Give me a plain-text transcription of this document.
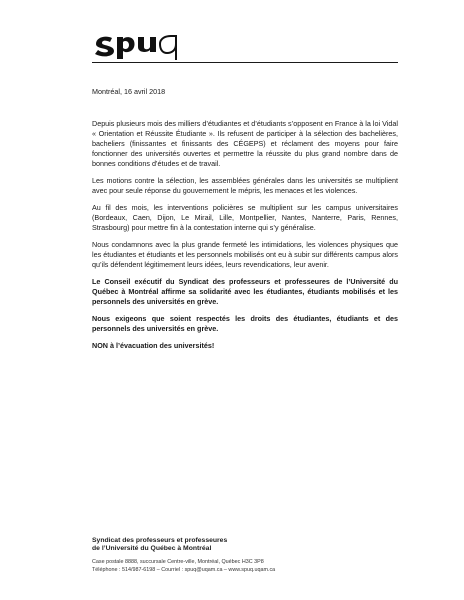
Montréal, 16 avril 2018

Depuis plusieurs mois des milliers d’étudiantes et d’étudiants s’opposent en France à la loi Vidal « Orientation et Réussite Étudiante ». Ils refusent de participer à la sélection des bachelières, bacheliers (finissantes et finissants des CÉGEPS) et réclament des moyens pour faire fonctionner des universités ouvertes et permettre la réussite du plus grand nombre dans de bonnes conditions d’études et de travail.

Les motions contre la sélection, les assemblées générales dans les universités se multiplient avec pour seule réponse du gouvernement le mépris, les menaces et les violences.

Au fil des mois, les interventions policières se multiplient sur les campus universitaires (Bordeaux, Caen, Dijon, Le Mirail, Lille, Montpellier, Nantes, Nanterre, Paris, Rennes, Strasbourg) pour mettre fin à la contestation interne qui s’y généralise.

Nous condamnons avec la plus grande fermeté les intimidations, les violences physiques que les étudiantes et étudiants et les personnels mobilisés ont eu à subir sur différents campus alors qu’ils défendent légitimement leurs idées, leurs revendications, leur avenir.

Le Conseil exécutif du Syndicat des professeurs et professeures de l’Université du Québec à Montréal affirme sa solidarité avec les étudiantes, étudiants mobilisés et les personnels des universités en grève.

Nous exigeons que soient respectés les droits des étudiantes, étudiants et des personnels des universités en grève.

NON à l’évacuation des universités!

Syndicat des professeurs et professeures
de l’Université du Québec à Montréal
Case postale 8888, succursale Centre-ville, Montréal, Québec H3C 3P8
Téléphone : 514/987-6198 – Courriel : spuq@uqam.ca – www.spuq.uqam.ca
